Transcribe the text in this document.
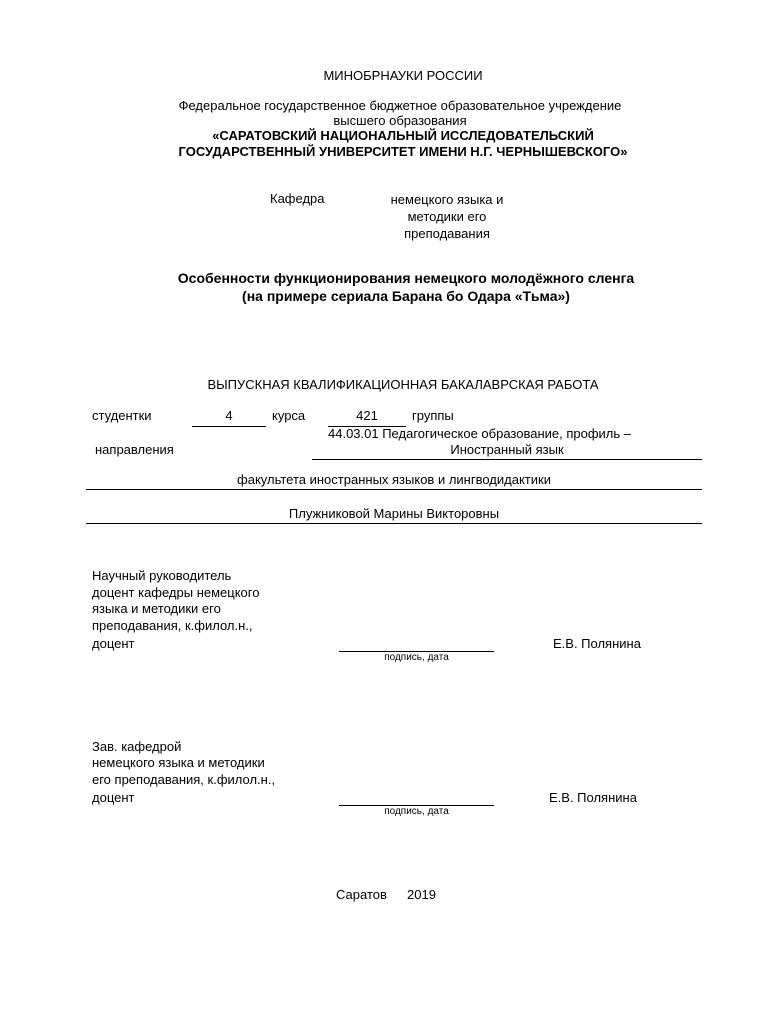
МИНОБРНАУКИ РОССИИ
Федеральное государственное бюджетное образовательное учреждение
высшего образования
«САРАТОВСКИЙ НАЦИОНАЛЬНЫЙ ИССЛЕДОВАТЕЛЬСКИЙ
ГОСУДАРСТВЕННЫЙ УНИВЕРСИТЕТ ИМЕНИ Н.Г. ЧЕРНЫШЕВСКОГО»
Кафедра	немецкого языка и
методики его
преподавания
Особенности функционирования немецкого молодёжного сленга
(на примере сериала Барана бо Одара «Тьма»)
ВЫПУСКНАЯ КВАЛИФИКАЦИОННАЯ БАКАЛАВРСКАЯ РАБОТА
студентки	4	курса	421	группы
44.03.01 Педагогическое образование, профиль –
Иностранный язык
направления
факультета иностранных языков и лингводидактики
Плужниковой Марины Викторовны
Научный руководитель
доцент кафедры немецкого
языка и методики его
преподавания, к.филол.н.,
доцент
подпись, дата
Е.В. Полянина
Зав. кафедрой
немецкого языка и методики
его преподавания, к.филол.н.,
доцент
подпись, дата
Е.В. Полянина
Саратов 2019
